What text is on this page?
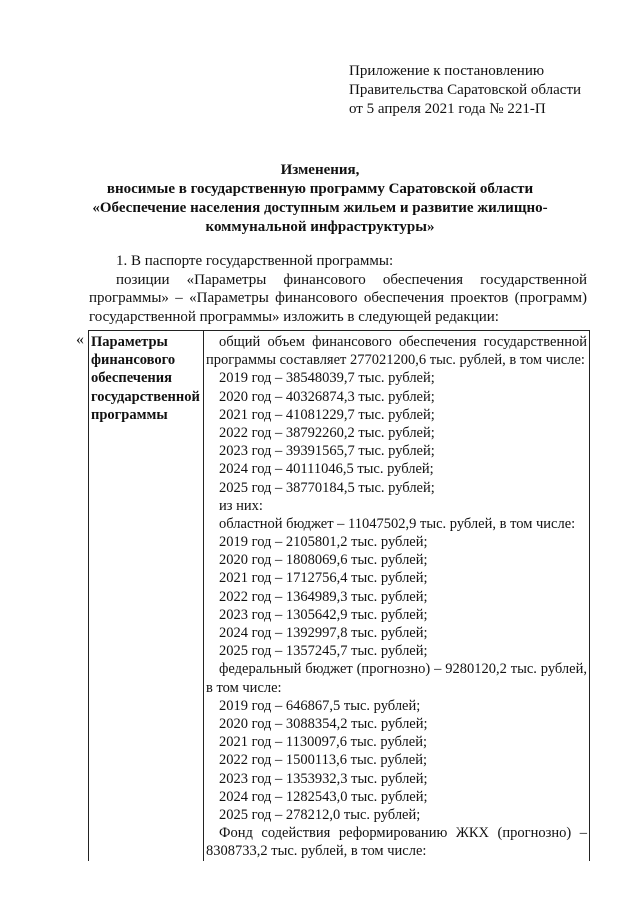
Приложение к постановлению
Правительства Саратовской области
от 5 апреля 2021 года № 221-П
Изменения,
вносимые в государственную программу Саратовской области
«Обеспечение населения доступным жильем и развитие жилищно-
коммунальной инфраструктуры»
1. В паспорте государственной программы:
позиции «Параметры финансового обеспечения государственной программы» – «Параметры финансового обеспечения проектов (программ) государственной программы» изложить в следующей редакции:
« Параметры
финансового
обеспечения
государственной
программы
общий объем финансового обеспечения государственной
программы составляет 277021200,6 тыс. рублей, в том числе:
2019 год – 38548039,7 тыс. рублей;
2020 год – 40326874,3 тыс. рублей;
2021 год – 41081229,7 тыс. рублей;
2022 год – 38792260,2 тыс. рублей;
2023 год – 39391565,7 тыс. рублей;
2024 год – 40111046,5 тыс. рублей;
2025 год – 38770184,5 тыс. рублей;
из них:
областной бюджет – 11047502,9 тыс. рублей, в том числе:
2019 год – 2105801,2 тыс. рублей;
2020 год – 1808069,6 тыс. рублей;
2021 год – 1712756,4 тыс. рублей;
2022 год – 1364989,3 тыс. рублей;
2023 год – 1305642,9 тыс. рублей;
2024 год – 1392997,8 тыс. рублей;
2025 год – 1357245,7 тыс. рублей;
федеральный бюджет (прогнозно) – 9280120,2 тыс. рублей,
в том числе:
2019 год – 646867,5 тыс. рублей;
2020 год – 3088354,2 тыс. рублей;
2021 год – 1130097,6 тыс. рублей;
2022 год – 1500113,6 тыс. рублей;
2023 год – 1353932,3 тыс. рублей;
2024 год – 1282543,0 тыс. рублей;
2025 год – 278212,0 тыс. рублей;
Фонд содействия реформированию ЖКХ (прогнозно) –
8308733,2 тыс. рублей, в том числе:
